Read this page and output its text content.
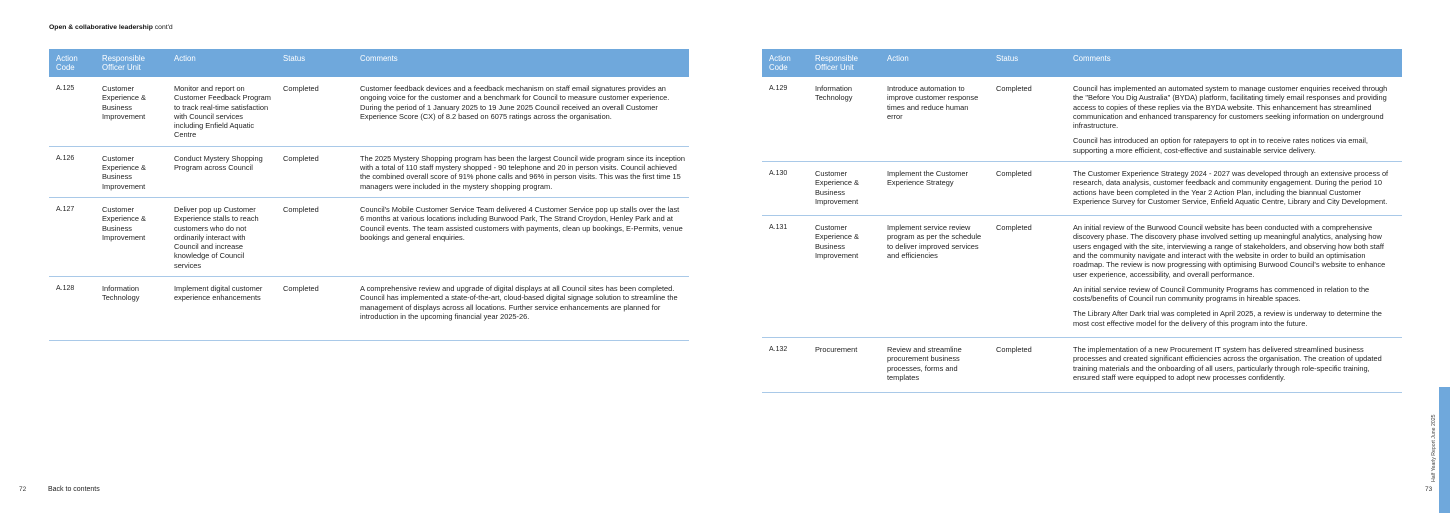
Open & collaborative leadership cont'd
Action Code	Responsible Officer Unit	Action	Status	Comments
A.125	Customer Experience & Business Improvement	Monitor and report on Customer Feedback Program to track real-time satisfaction with Council services including Enfield Aquatic Centre	Completed	Customer feedback devices and a feedback mechanism on staff email signatures provides an ongoing voice for the customer and a benchmark for Council to measure customer experience. During the period of 1 January 2025 to 19 June 2025 Council received an overall Customer Experience Score (CX) of 8.2 based on 6075 ratings across the organisation.

A.126	Customer Experience & Business Improvement	Conduct Mystery Shopping Program across Council	Completed	The 2025 Mystery Shopping program has been the largest Council wide program since its inception with a total of 110 staff mystery shopped - 90 telephone and 20 in person visits. Council achieved the combined overall score of 91% phone calls and 96% in person visits. This was the first time 15 managers were included in the mystery shopping program.

A.127	Customer Experience & Business Improvement	Deliver pop up Customer Experience stalls to reach customers who do not ordinarily interact with Council and increase knowledge of Council services	Completed	Council's Mobile Customer Service Team delivered 4 Customer Service pop up stalls over the last 6 months at various locations including Burwood Park, The Strand Croydon, Henley Park and at Council events. The team assisted customers with payments, clean up bookings, E-Permits, venue bookings and general enquiries.

A.128	Information Technology	Implement digital customer experience enhancements	Completed	A comprehensive review and upgrade of digital displays at all Council sites has been completed. Council has implemented a state-of-the-art, cloud-based digital signage solution to streamline the management of displays across all locations. Further service enhancements are planned for introduction in the upcoming financial year 2025-26.

Action Code	Responsible Officer Unit	Action	Status	Comments
A.129	Information Technology	Introduce automation to improve customer response times and reduce human error	Completed	Council has implemented an automated system to manage customer enquiries received through the "Before You Dig Australia" (BYDA) platform, facilitating timely email responses and providing access to copies of these replies via the BYDA website. This enhancement has streamlined communication and enhanced transparency for customers seeking information on underground infrastructure.

Council has introduced an option for ratepayers to opt in to receive rates notices via email, supporting a more efficient, cost-effective and sustainable service delivery.

A.130	Customer Experience & Business Improvement	Implement the Customer Experience Strategy	Completed	The Customer Experience Strategy 2024 - 2027 was developed through an extensive process of research, data analysis, customer feedback and community engagement. During the period 10 actions have been completed in the Year 2 Action Plan, including the biannual Customer Experience Survey for Customer Service, Enfield Aquatic Centre, Library and City Development.

A.131	Customer Experience & Business Improvement	Implement service review program as per the schedule to deliver improved services and efficiencies	Completed	An initial review of the Burwood Council website has been conducted with a comprehensive discovery phase. The discovery phase involved setting up meaningful analytics, analysing how users engaged with the site, interviewing a range of stakeholders, and observing how both staff and the community navigate and interact with the website in order to build an optimisation roadmap. The review is now progressing with optimising Burwood Council's website to enhance user experience, accessibility, and overall performance.

An initial service review of Council Community Programs has commenced in relation to the costs/benefits of Council run community programs in hireable spaces.

The Library After Dark trial was completed in April 2025, a review is underway to determine the most cost effective model for the delivery of this program into the future.

A.132	Procurement	Review and streamline procurement business processes, forms and templates	Completed	The implementation of a new Procurement IT system has delivered streamlined business processes and created significant efficiencies across the organisation. The creation of updated training materials and the onboarding of all users, particularly through role-specific training, ensured staff were equipped to adopt new processes confidently.

72	Back to contents	73
Half Yearly Report June 2025
